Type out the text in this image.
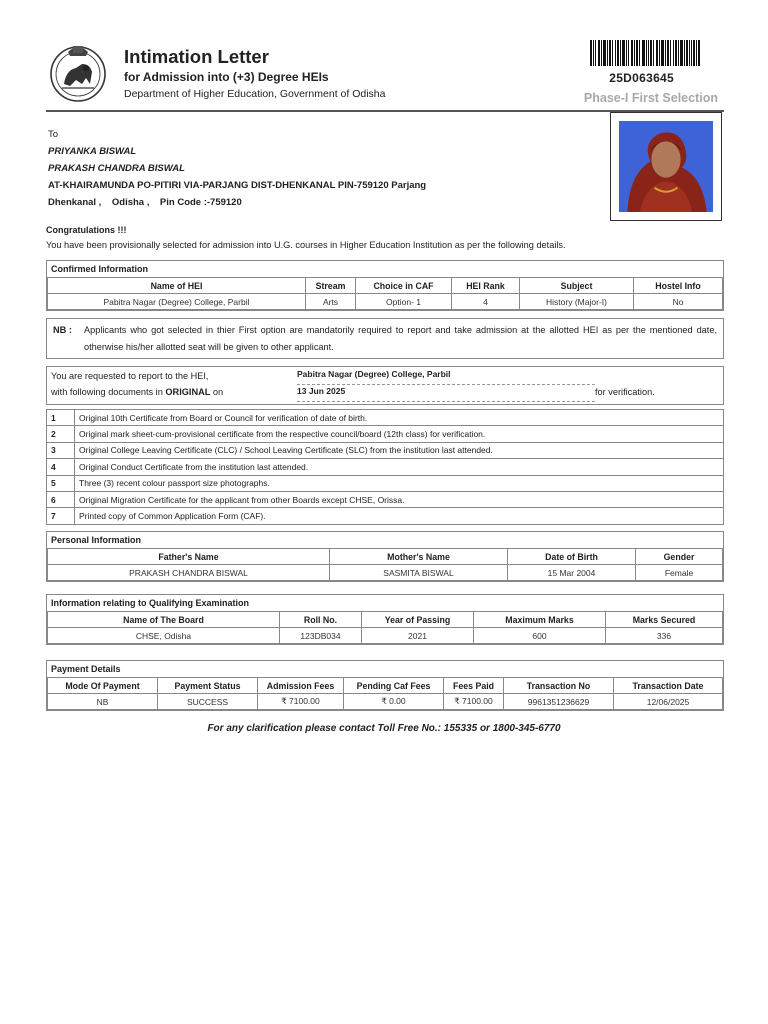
Intimation Letter
for Admission into (+3) Degree HEIs
Department of Higher Education, Government of Odisha
25D063645
Phase-I First Selection
To
PRIYANKA BISWAL
PRAKASH CHANDRA BISWAL
AT-KHAIRAMUNDA PO-PITIRI VIA-PARJANG DIST-DHENKANAL PIN-759120 Parjang
Dhenkanal ,    Odisha ,    Pin Code :-759120
Congratulations !!!
You have been provisionally selected for admission into U.G. courses in Higher Education Institution as per the following details.
Confirmed Information
Name of HEI	Stream	Choice in CAF	HEI Rank	Subject	Hostel Info
Pabitra Nagar (Degree) College, Parbil	Arts	Option- 1	4	History (Major-I)	No
NB : Applicants who got selected in thier First option are mandatorily required to report and take admission at the allotted HEI as per the mentioned date, otherwise his/her allotted seat will be given to other applicant.
You are requested to report to the HEI,
with following documents in ORIGINAL on
Pabitra Nagar (Degree) College, Parbil
13 Jun 2025	for verification.
1	Original 10th Certificate from Board or Council for verification of date of birth.
2	Original mark sheet-cum-provisional certificate from the respective council/board (12th class) for verification.
3	Original College Leaving Certificate (CLC) / School Leaving Certificate (SLC) from the institution last attended.
4	Original Conduct Certificate from the institution last attended.
5	Three (3) recent colour passport size photographs.
6	Original Migration Certificate for the applicant from other Boards except CHSE, Orissa.
7	Printed copy of Common Application Form (CAF).
Personal Information
Father's Name	Mother's Name	Date of Birth	Gender
PRAKASH CHANDRA BISWAL	SASMITA BISWAL	15 Mar 2004	Female
Information relating to Qualifying Examination
Name of The Board	Roll No.	Year of Passing	Maximum Marks	Marks Secured
CHSE, Odisha	123DB034	2021	600	336
Payment Details
Mode Of Payment	Payment Status	Admission Fees	Pending Caf Fees	Fees Paid	Transaction No	Transaction Date
NB	SUCCESS	₹ 7100.00	₹ 0.00	₹ 7100.00	9961351236629	12/06/2025
For any clarification please contact Toll Free No.: 155335 or 1800-345-6770
